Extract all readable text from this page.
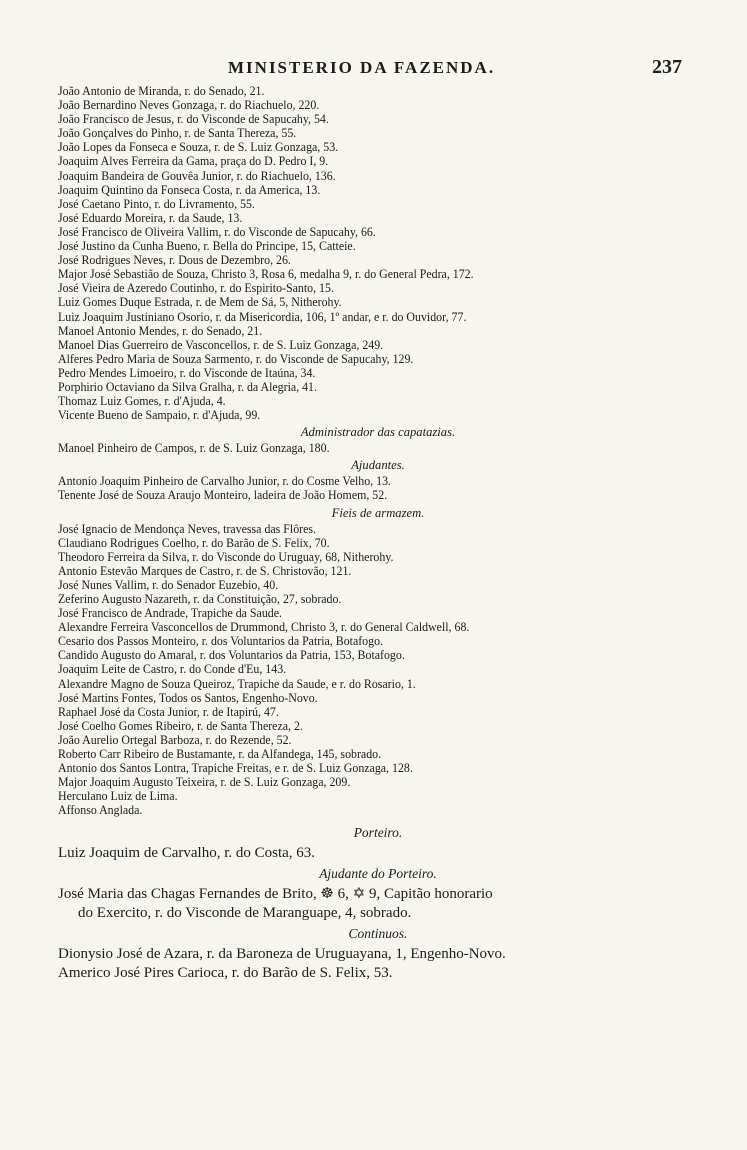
MINISTERIO DA FAZENDA.	237
João Antonio de Miranda, r. do Senado, 21.
João Bernardino Neves Gonzaga, r. do Riachuelo, 220.
João Francisco de Jesus, r. do Visconde de Sapucahy, 54.
João Gonçalves do Pinho, r. de Santa Thereza, 55.
João Lopes da Fonseca e Souza, r. de S. Luiz Gonzaga, 53.
Joaquim Alves Ferreira da Gama, praça do D. Pedro I, 9.
Joaquim Bandeira de Gouvêa Junior, r. do Riachuelo, 136.
Joaquim Quintino da Fonseca Costa, r. da America, 13.
José Caetano Pinto, r. do Livramento, 55.
José Eduardo Moreira, r. da Saude, 13.
José Francisco de Oliveira Vallim, r. do Visconde de Sapucahy, 66.
José Justino da Cunha Bueno, r. Bella do Principe, 15, Catteie.
José Rodrigues Neves, r. Dous de Dezembro, 26.
Major José Sebastião de Souza, Christo 3, Rosa 6, medalha 9, r. do General Pedra, 172.
José Vieira de Azeredo Coutinho, r. do Espirito-Santo, 15.
Luiz Gomes Duque Estrada, r. de Mem de Sá, 5, Nitherohy.
Luiz Joaquim Justiniano Osorio, r. da Misericordia, 106, 1º andar, e r. do Ouvidor, 77.
Manoel Antonio Mendes, r. do Senado, 21.
Manoel Dias Guerreiro de Vasconcellos, r. de S. Luiz Gonzaga, 249.
Alferes Pedro Maria de Souza Sarmento, r. do Visconde de Sapucahy, 129.
Pedro Mendes Limoeiro, r. do Visconde de Itaúna, 34.
Porphirio Octaviano da Silva Gralha, r. da Alegria, 41.
Thomaz Luiz Gomes, r. d'Ajuda, 4.
Vicente Bueno de Sampaio, r. d'Ajuda, 99.
Administrador das capatazias.
Manoel Pinheiro de Campos, r. de S. Luiz Gonzaga, 180.
Ajudantes.
Antonio Joaquim Pinheiro de Carvalho Junior, r. do Cosme Velho, 13.
Tenente José de Souza Araujo Monteiro, ladeira de João Homem, 52.
Fieis de armazem.
José Ignacio de Mendonça Neves, travessa das Flôres.
Claudiano Rodrigues Coelho, r. do Barão de S. Felix, 70.
Theodoro Ferreira da Silva, r. do Visconde do Uruguay, 68, Nitherohy.
Antonio Estevão Marques de Castro, r. de S. Christovão, 121.
José Nunes Vallim, r. do Senador Euzebio, 40.
Zeferino Augusto Nazareth, r. da Constituição, 27, sobrado.
José Francisco de Andrade, Trapiche da Saude.
Alexandre Ferreira Vasconcellos de Drummond, Christo 3, r. do General Caldwell, 68.
Cesario dos Passos Monteiro, r. dos Voluntarios da Patria, Botafogo.
Candido Augusto do Amaral, r. dos Voluntarios da Patria, 153, Botafogo.
Joaquim Leite de Castro, r. do Conde d'Eu, 143.
Alexandre Magno de Souza Queiroz, Trapiche da Saude, e r. do Rosario, 1.
José Martins Fontes, Todos os Santos, Engenho-Novo.
Raphael José da Costa Junior, r. de Itapirú, 47.
José Coelho Gomes Ribeiro, r. de Santa Thereza, 2.
João Aurelio Ortegal Barboza, r. do Rezende, 52.
Roberto Carr Ribeiro de Bustamante, r. da Alfandega, 145, sobrado.
Antonio dos Santos Lontra, Trapiche Freitas, e r. de S. Luiz Gonzaga, 128.
Major Joaquim Augusto Teixeira, r. de S. Luiz Gonzaga, 209.
Herculano Luiz de Lima.
Affonso Anglada.
Porteiro.
Luiz Joaquim de Carvalho, r. do Costa, 63.
Ajudante do Porteiro.
José Maria das Chagas Fernandes de Brito, ☸ 6, ✡ 9, Capitão honorario
do Exercito, r. do Visconde de Maranguape, 4, sobrado.
Continuos.
Dionysio José de Azara, r. da Baroneza de Uruguayana, 1, Engenho-Novo.
Americo José Pires Carioca, r. do Barão de S. Felix, 53.
